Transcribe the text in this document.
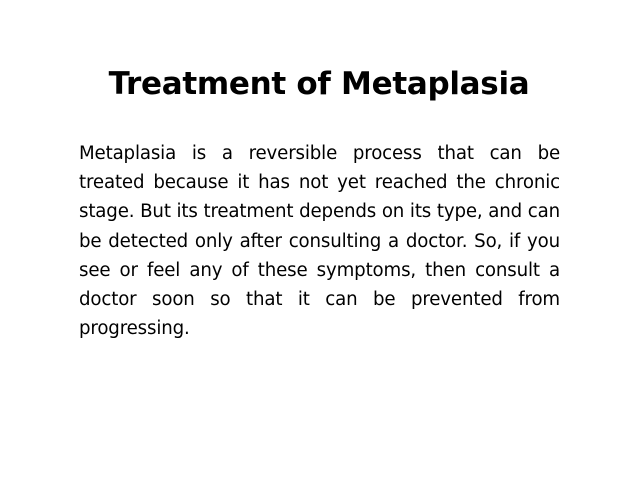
Treatment of Metaplasia
Metaplasia is a reversible process that can be treated because it has not yet reached the chronic stage. But its treatment depends on its type, and can be detected only after consulting a doctor. So, if you see or feel any of these symptoms, then consult a doctor soon so that it can be prevented from progressing.
